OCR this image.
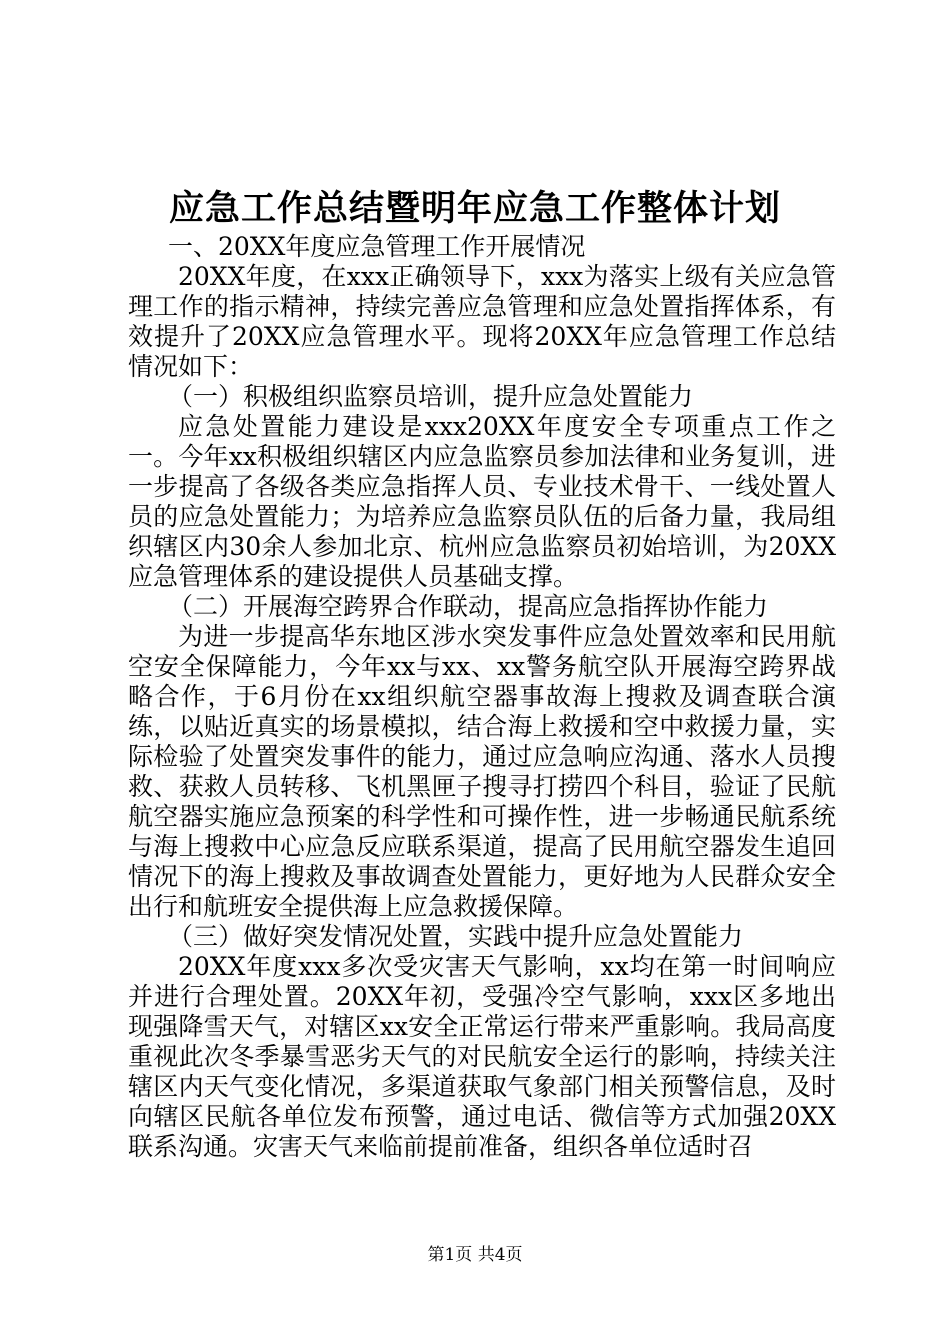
应急工作总结暨明年应急工作整体计划

一、20XX年度应急管理工作开展情况

20XX年度，在xxx正确领导下，xxx为落实上级有关应急管理工作的指示精神，持续完善应急管理和应急处置指挥体系，有效提升了20XX应急管理水平。现将20XX年应急管理工作总结情况如下：

（一）积极组织监察员培训，提升应急处置能力

应急处置能力建设是xxx20XX年度安全专项重点工作之一。今年xx积极组织辖区内应急监察员参加法律和业务复训，进一步提高了各级各类应急指挥人员、专业技术骨干、一线处置人员的应急处置能力；为培养应急监察员队伍的后备力量，我局组织辖区内30余人参加北京、杭州应急监察员初始培训，为20XX应急管理体系的建设提供人员基础支撑。

（二）开展海空跨界合作联动，提高应急指挥协作能力

为进一步提高华东地区涉水突发事件应急处置效率和民用航空安全保障能力，今年xx与xx、xx警务航空队开展海空跨界战略合作，于6月份在xx组织航空器事故海上搜救及调查联合演练，以贴近真实的场景模拟，结合海上救援和空中救援力量，实际检验了处置突发事件的能力，通过应急响应沟通、落水人员搜救、获救人员转移、飞机黑匣子搜寻打捞四个科目，验证了民航航空器实施应急预案的科学性和可操作性，进一步畅通民航系统与海上搜救中心应急反应联系渠道，提高了民用航空器发生追回情况下的海上搜救及事故调查处置能力，更好地为人民群众安全出行和航班安全提供海上应急救援保障。

（三）做好突发情况处置，实践中提升应急处置能力

20XX年度xxx多次受灾害天气影响，xx均在第一时间响应并进行合理处置。20XX年初，受强冷空气影响，xxx区多地出现强降雪天气，对辖区xx安全正常运行带来严重影响。我局高度重视此次冬季暴雪恶劣天气的对民航安全运行的影响，持续关注辖区内天气变化情况，多渠道获取气象部门相关预警信息，及时向辖区民航各单位发布预警，通过电话、微信等方式加强20XX联系沟通。灾害天气来临前提前准备，组织各单位适时召

第1页 共4页
